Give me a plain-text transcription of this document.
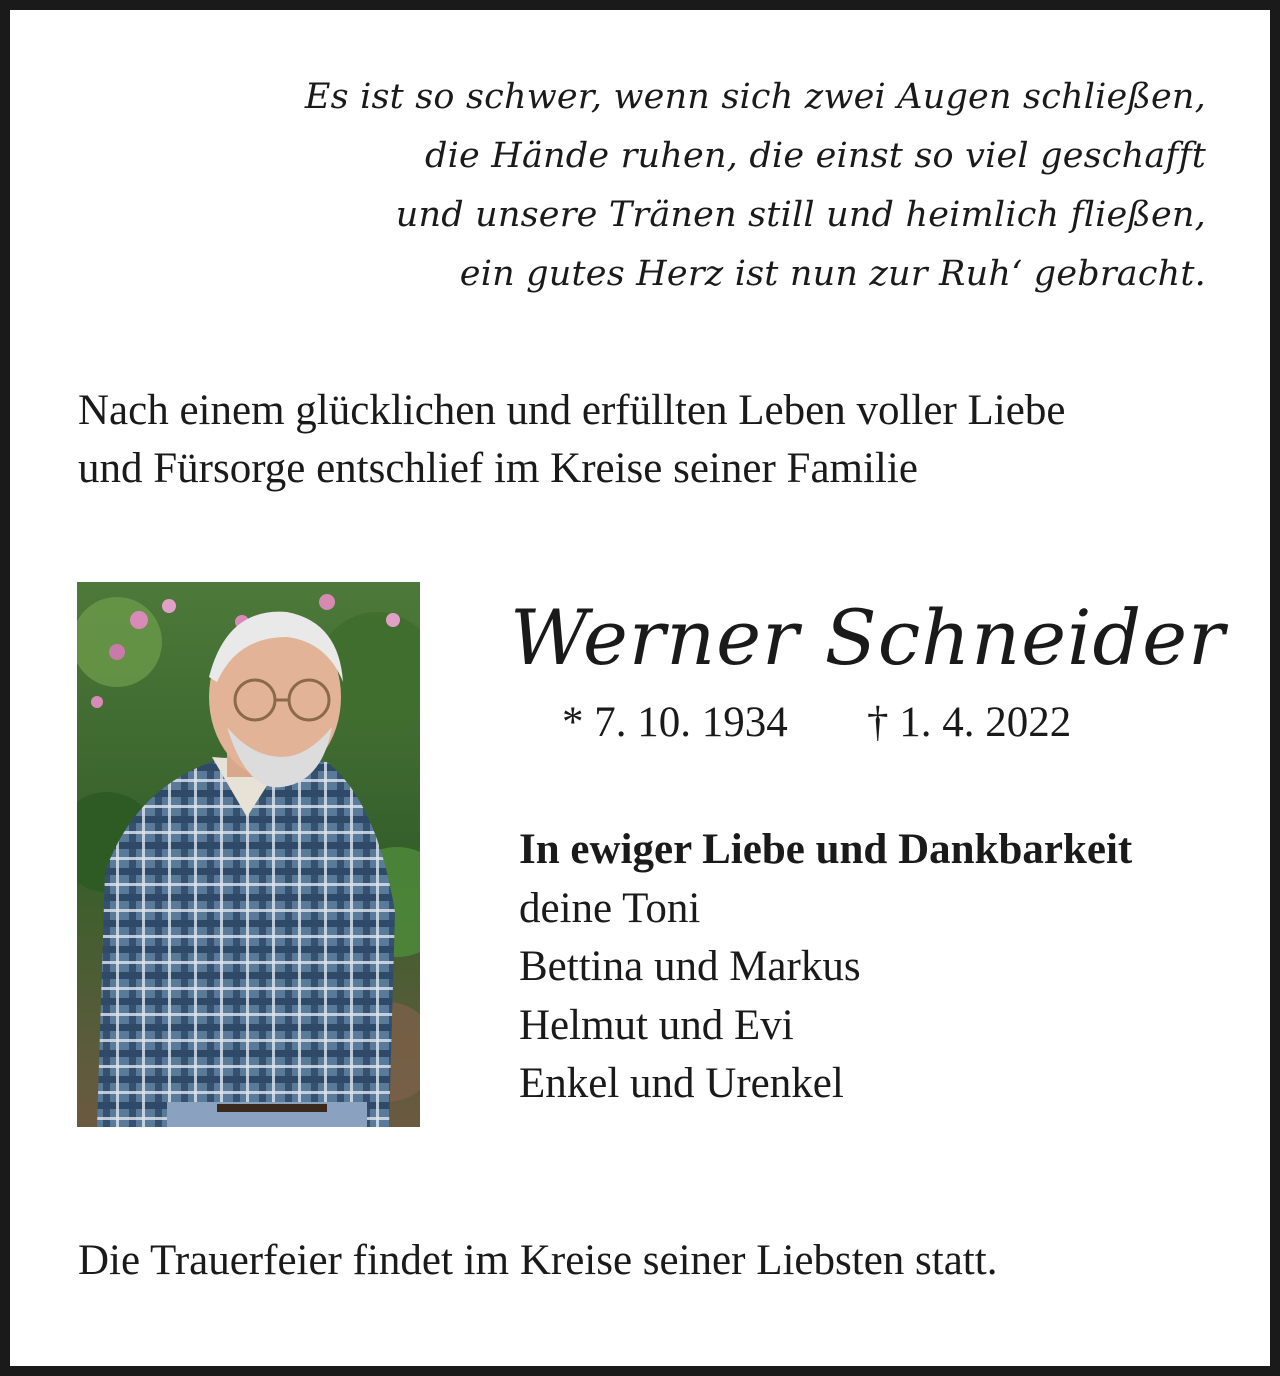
Es ist so schwer, wenn sich zwei Augen schließen,
die Hände ruhen, die einst so viel geschafft
und unsere Tränen still und heimlich fließen,
ein gutes Herz ist nun zur Ruh‘ gebracht.
Nach einem glücklichen und erfüllten Leben voller Liebe
und Fürsorge entschlief im Kreise seiner Familie
Werner Schneider
* 7. 10. 1934 † 1. 4. 2022
In ewiger Liebe und Dankbarkeit
deine Toni
Bettina und Markus
Helmut und Evi
Enkel und Urenkel
Die Trauerfeier findet im Kreise seiner Liebsten statt.
